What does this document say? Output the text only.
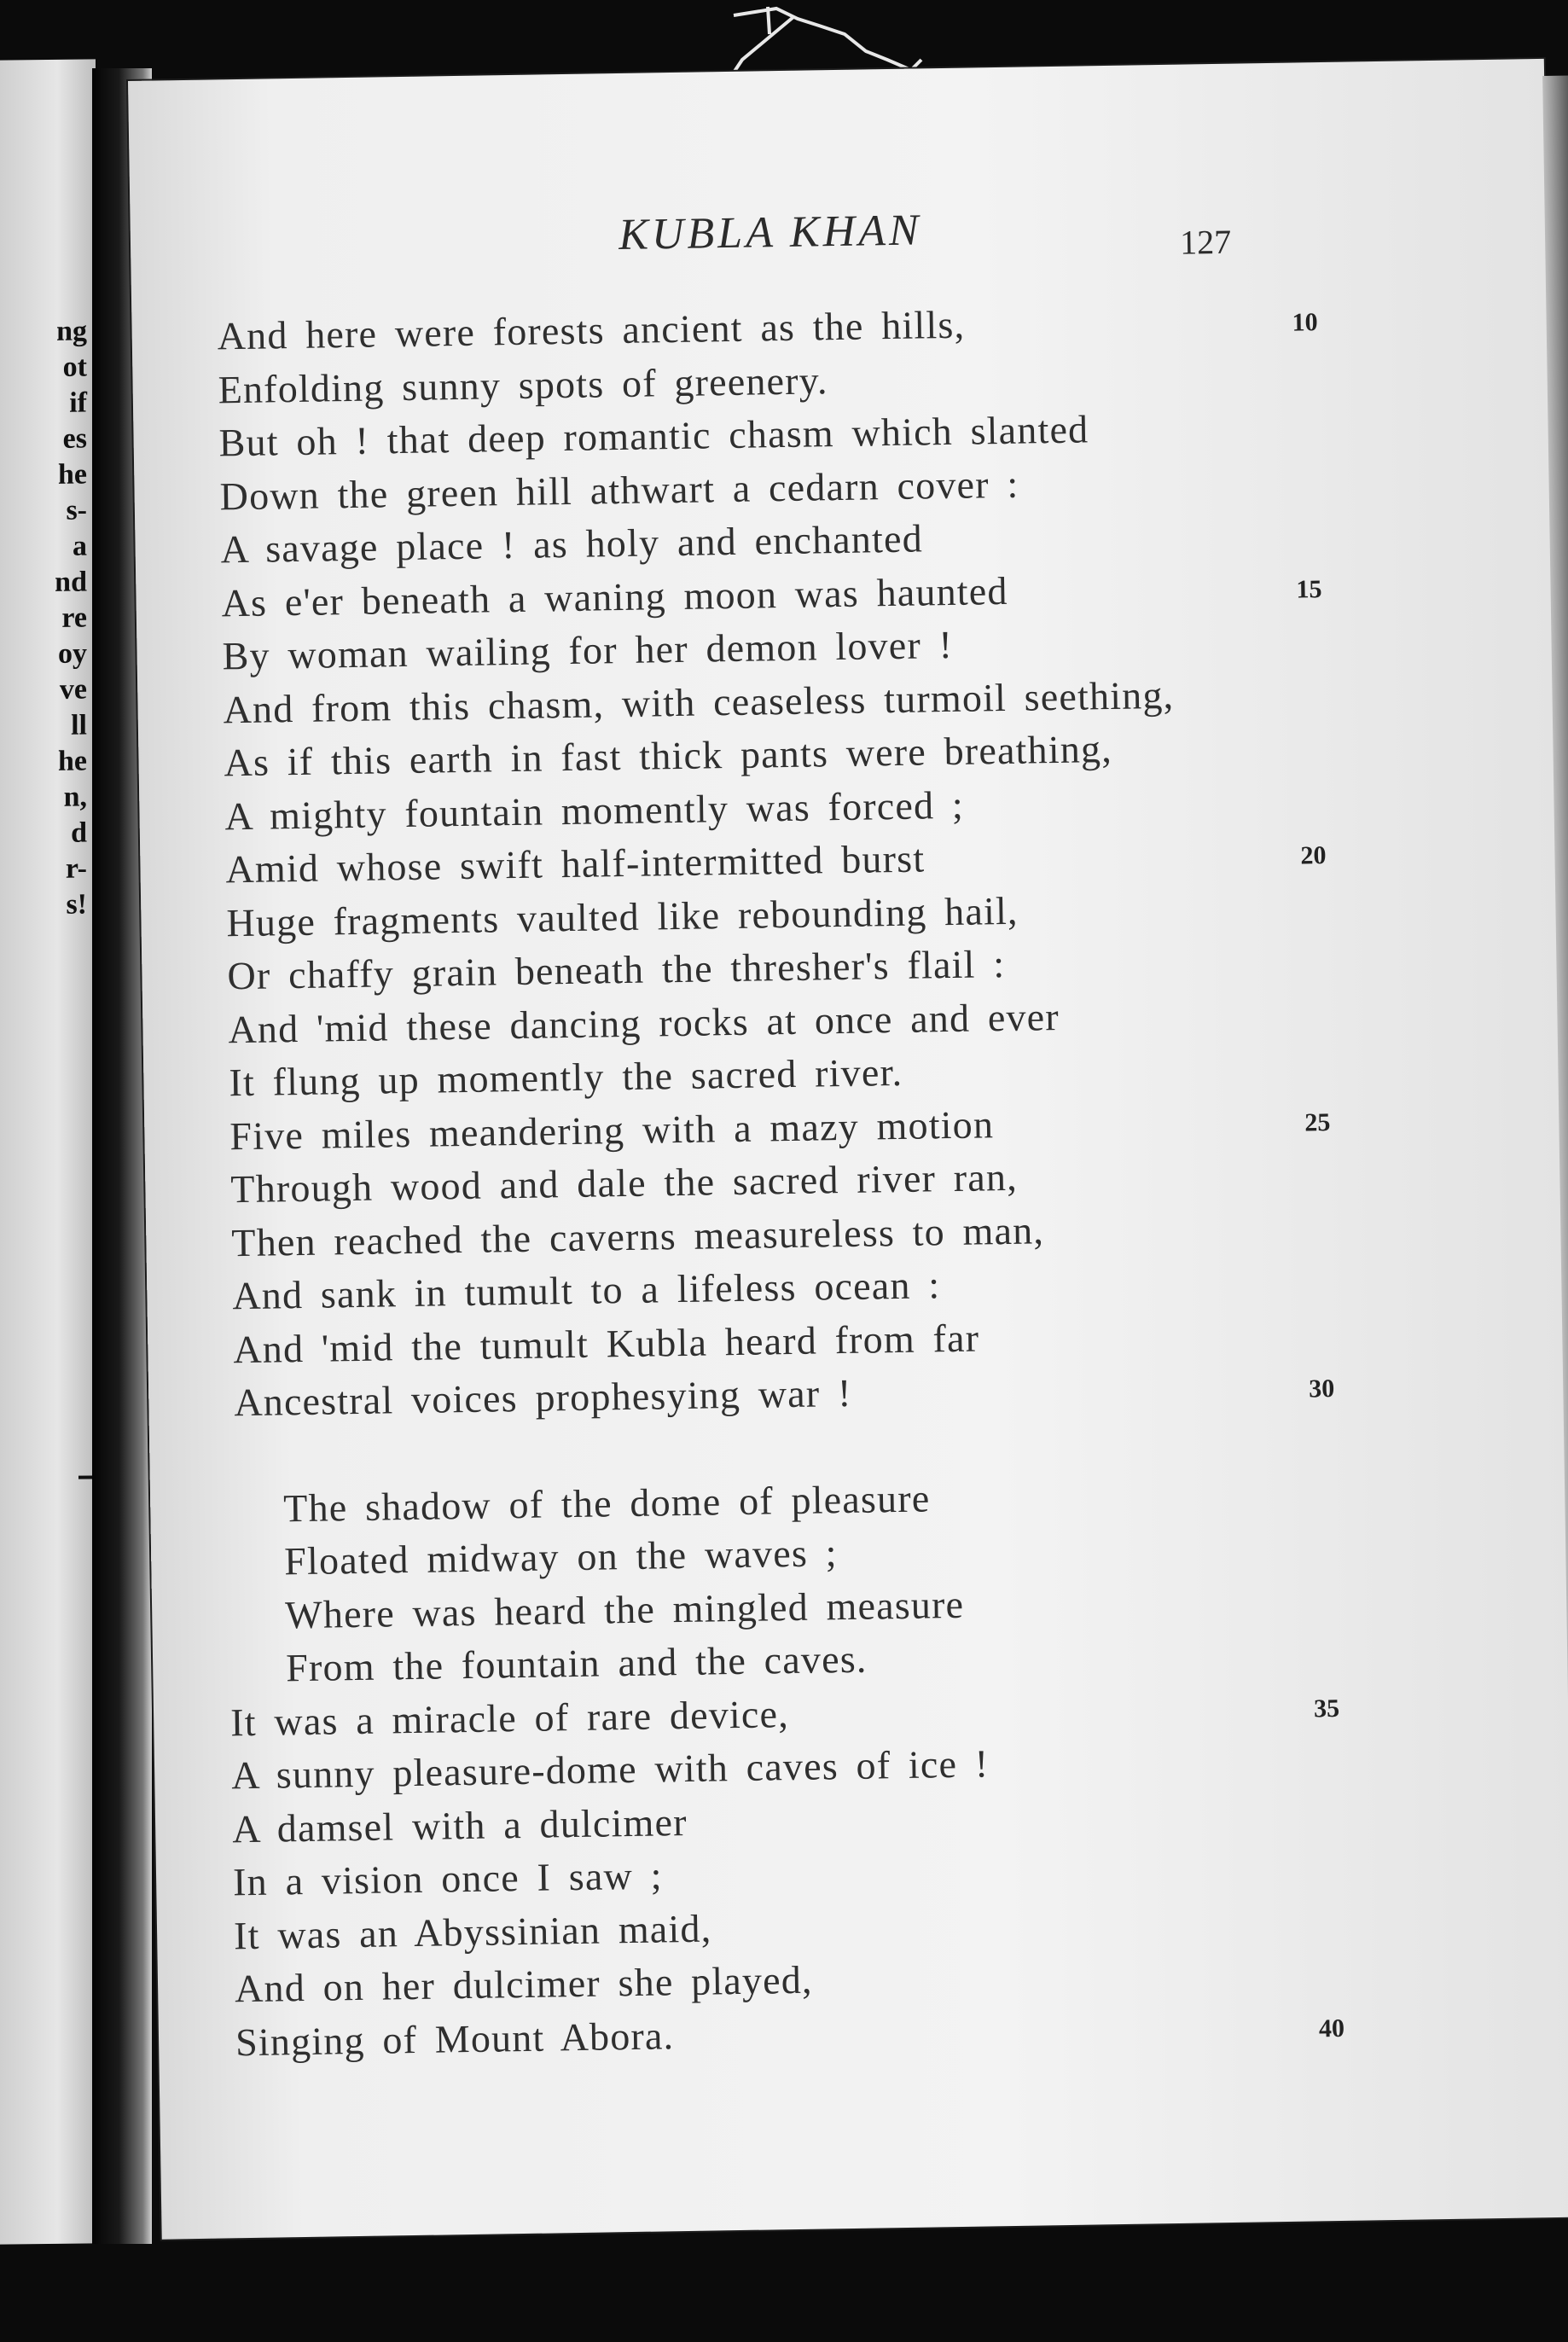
ng
ot
if
es
he
s-
a
nd
re
oy
ve
ll
he
n,
d
r-
s!
KUBLA KHAN	127
And here were forests ancient as the hills,	10
Enfolding sunny spots of greenery.
But oh ! that deep romantic chasm which slanted
Down the green hill athwart a cedarn cover :
A savage place ! as holy and enchanted
As e'er beneath a waning moon was haunted	15
By woman wailing for her demon lover !
And from this chasm, with ceaseless turmoil seething,
As if this earth in fast thick pants were breathing,
A mighty fountain momently was forced ;
Amid whose swift half-intermitted burst	20
Huge fragments vaulted like rebounding hail,
Or chaffy grain beneath the thresher's flail :
And 'mid these dancing rocks at once and ever
It flung up momently the sacred river.
Five miles meandering with a mazy motion	25
Through wood and dale the sacred river ran,
Then reached the caverns measureless to man,
And sank in tumult to a lifeless ocean :
And 'mid the tumult Kubla heard from far
Ancestral voices prophesying war !	30
The shadow of the dome of pleasure
Floated midway on the waves ;
Where was heard the mingled measure
From the fountain and the caves.
It was a miracle of rare device,	35
A sunny pleasure-dome with caves of ice !
A damsel with a dulcimer
In a vision once I saw ;
It was an Abyssinian maid,
And on her dulcimer she played,
Singing of Mount Abora.	40
